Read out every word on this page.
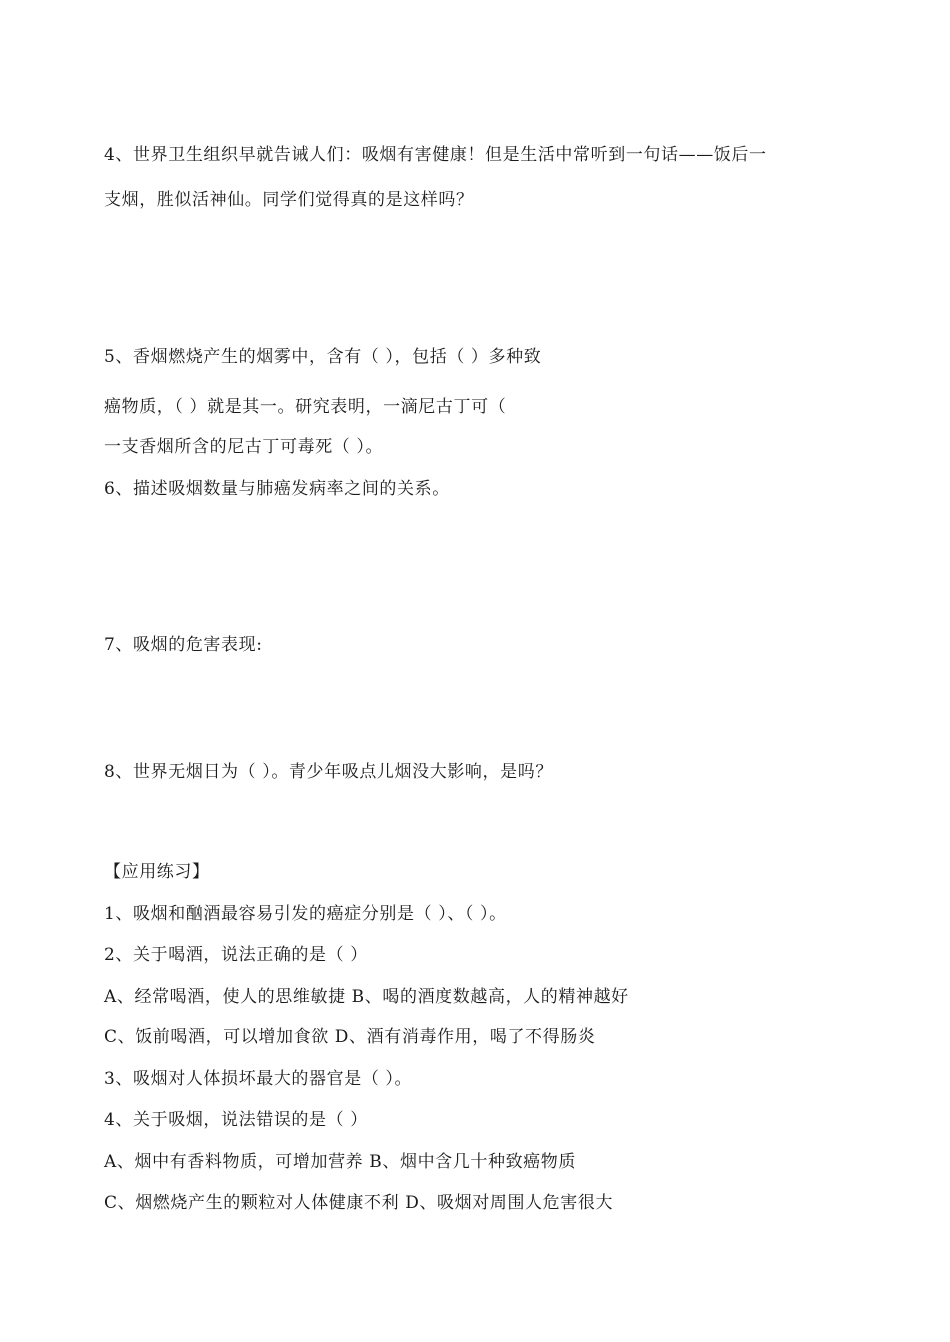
4、世界卫生组织早就告诫人们：吸烟有害健康！但是生活中常听到一句话——饭后一
支烟，胜似活神仙。同学们觉得真的是这样吗？
5、香烟燃烧产生的烟雾中，含有（ ），包括（ ）多种致
癌物质，（ ）就是其一。研究表明，一滴尼古丁可（
一支香烟所含的尼古丁可毒死（ ）。
6、描述吸烟数量与肺癌发病率之间的关系。
7、吸烟的危害表现:
8、世界无烟日为（ ）。青少年吸点儿烟没大影响，是吗？
【应用练习】
1、吸烟和酗酒最容易引发的癌症分别是（ ）、（ ）。
2、关于喝酒，说法正确的是（ ）
A、经常喝酒，使人的思维敏捷 B、喝的酒度数越高，人的精神越好
C、饭前喝酒，可以增加食欲 D、酒有消毒作用，喝了不得肠炎
3、吸烟对人体损坏最大的器官是（ ）。
4、关于吸烟，说法错误的是（ ）
A、烟中有香料物质，可增加营养 B、烟中含几十种致癌物质
C、烟燃烧产生的颗粒对人体健康不利 D、吸烟对周围人危害很大
